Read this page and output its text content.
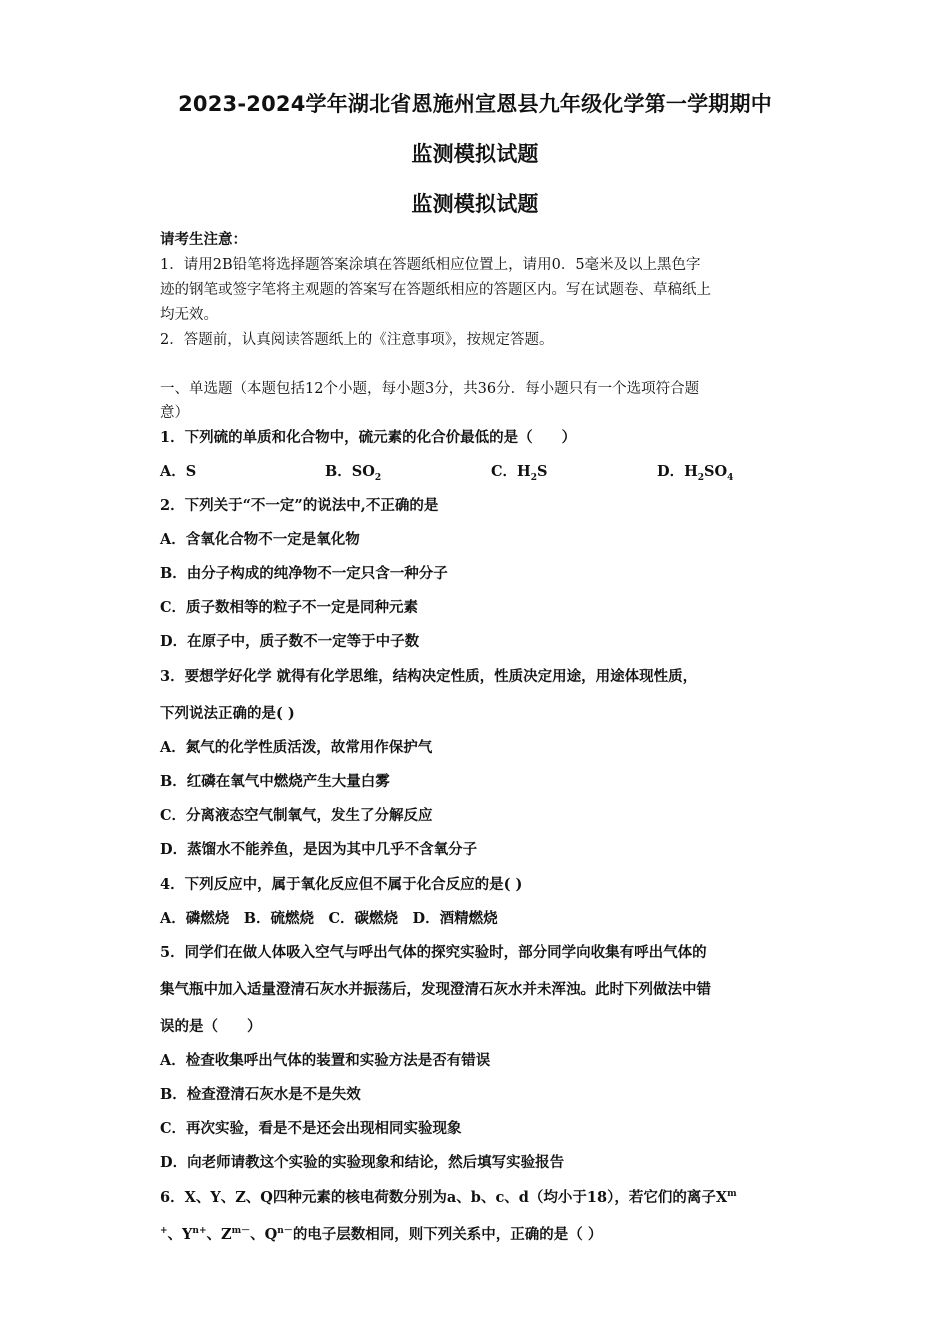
2023-2024学年湖北省恩施州宣恩县九年级化学第一学期期中
监测模拟试题
监测模拟试题
请考生注意：
1．请用2B铅笔将选择题答案涂填在答题纸相应位置上，请用0．5毫米及以上黑色字
迹的钢笔或签字笔将主观题的答案写在答题纸相应的答题区内。写在试题卷、草稿纸上
均无效。
2．答题前，认真阅读答题纸上的《注意事项》，按规定答题。
一、单选题（本题包括12个小题，每小题3分，共36分．每小题只有一个选项符合题
意）
1．下列硫的单质和化合物中，硫元素的化合价最低的是（　　）
A．S	B．$SO_2$	C．$H_2S$	D．$H_2SO_4$
2．下列关于“不一定”的说法中,不正确的是
A．含氧化合物不一定是氧化物
B．由分子构成的纯净物不一定只含一种分子
C．质子数相等的粒子不一定是同种元素
D．在原子中，质子数不一定等于中子数
3．要想学好化学 就得有化学思维，结构决定性质，性质决定用途，用途体现性质，
下列说法正确的是( )
A．氮气的化学性质活泼，故常用作保护气
B．红磷在氧气中燃烧产生大量白雾
C．分离液态空气制氧气，发生了分解反应
D．蒸馏水不能养鱼，是因为其中几乎不含氧分子
4．下列反应中，属于氧化反应但不属于化合反应的是( )
A．磷燃烧　B．硫燃烧　C．碳燃烧　D．酒精燃烧
5．同学们在做人体吸入空气与呼出气体的探究实验时，部分同学向收集有呼出气体的
集气瓶中加入适量澄清石灰水并振荡后，发现澄清石灰水并未浑浊。此时下列做法中错
误的是（　　）
A．检查收集呼出气体的装置和实验方法是否有错误
B．检查澄清石灰水是不是失效
C．再次实验，看是不是还会出现相同实验现象
D．向老师请教这个实验的实验现象和结论，然后填写实验报告
6．X、Y、Z、Q四种元素的核电荷数分别为a、b、c、d（均小于18），若它们的离子$X^m$
+、$Y^{n+}$、$Z^{m-}$、$Q^{n-}$的电子层数相同，则下列关系中，正确的是（ ）
